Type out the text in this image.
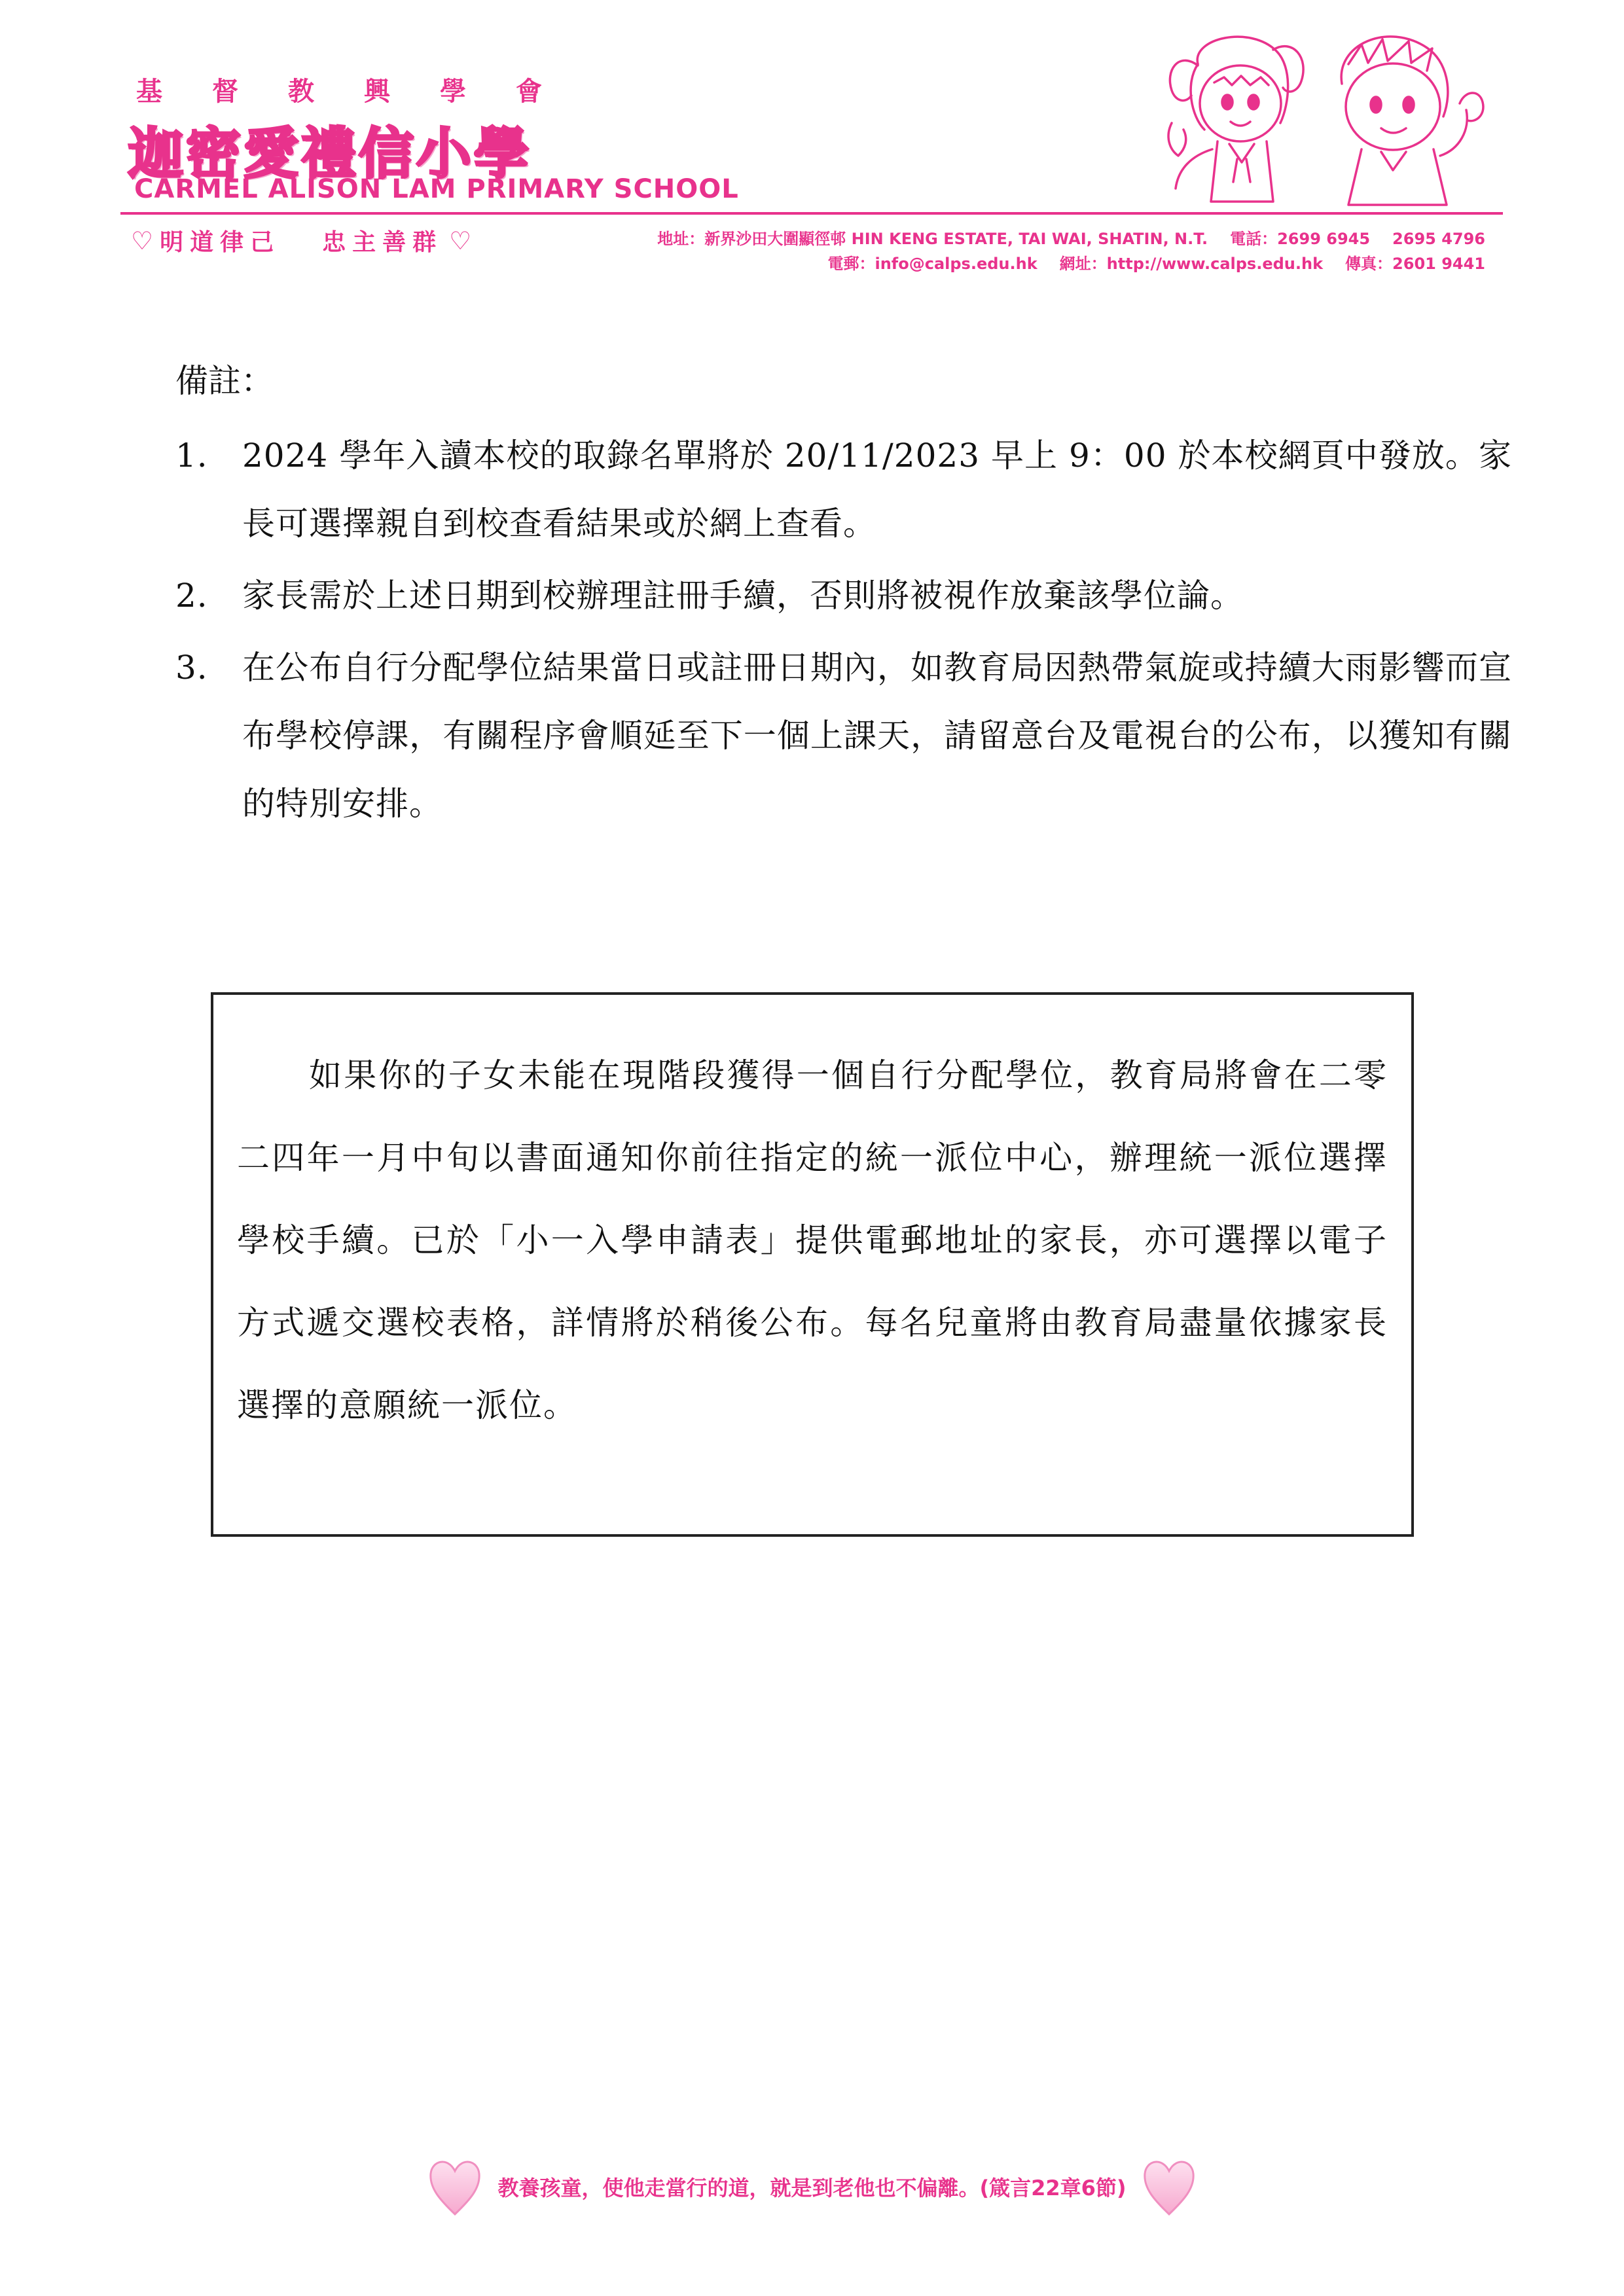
基 督 教 興 學 會
迦密愛禮信小學
CARMEL ALISON LAM PRIMARY SCHOOL
♡ 明道律己 忠主善群 ♡	地址：新界沙田大圍顯徑邨 HIN KENG ESTATE, TAI WAI, SHATIN, N.T. 電話：2699 6945 2695 4796
電郵：info@calps.edu.hk 網址：http://www.calps.edu.hk 傳真：2601 9441
備註：
1.	2024 學年入讀本校的取錄名單將於 20/11/2023 早上 9：00 於本校網頁中發放。家長可選擇親自到校查看結果或於網上查看。
2.	家長需於上述日期到校辦理註冊手續，否則將被視作放棄該學位論。
3.	在公布自行分配學位結果當日或註冊日期內，如教育局因熱帶氣旋或持續大雨影響而宣布學校停課，有關程序會順延至下一個上課天，請留意台及電視台的公布，以獲知有關的特別安排。

如果你的子女未能在現階段獲得一個自行分配學位，教育局將會在二零二四年一月中旬以書面通知你前往指定的統一派位中心，辦理統一派位選擇學校手續。已於「小一入學申請表」提供電郵地址的家長，亦可選擇以電子方式遞交選校表格，詳情將於稍後公布。每名兒童將由教育局盡量依據家長選擇的意願統一派位。

教養孩童，使他走當行的道，就是到老他也不偏離。(箴言22章6節)
